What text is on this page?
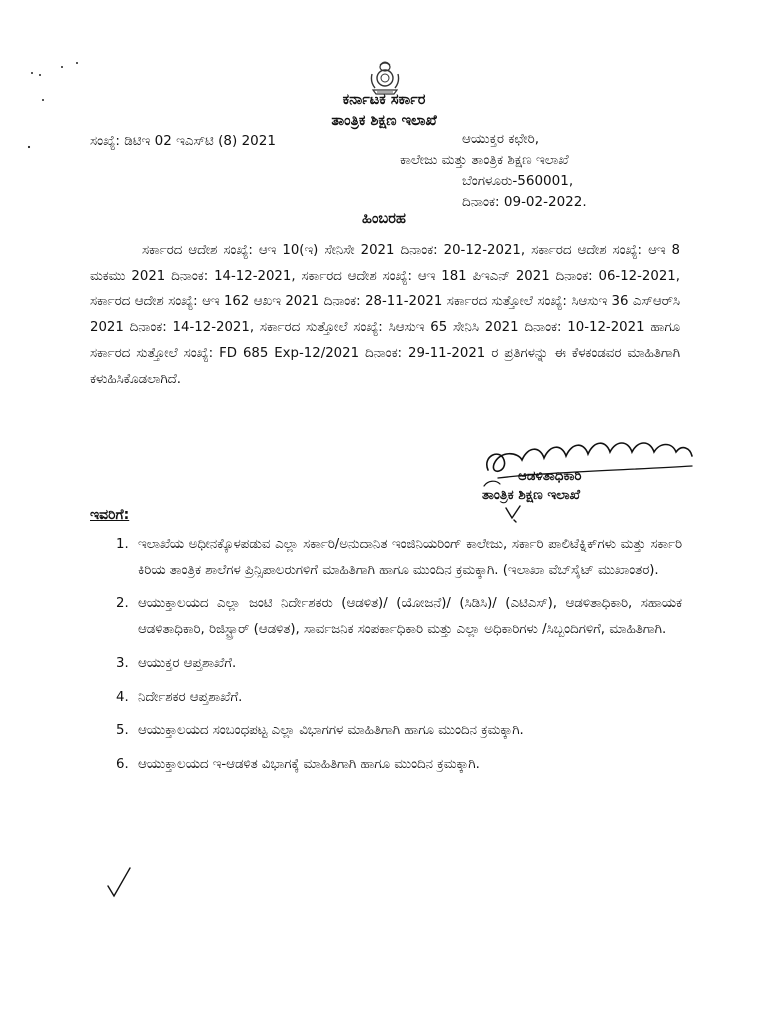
ಕರ್ನಾಟಕ ಸರ್ಕಾರ
ತಾಂತ್ರಿಕ ಶಿಕ್ಷಣ ಇಲಾಖೆ
ಸಂಖ್ಯೆ: ಡಿಟಿಇ 02 ಇಎಸ್‌ಟಿ (8) 2021	ಆಯುಕ್ತರ ಕಛೇರಿ,
ಕಾಲೇಜು ಮತ್ತು ತಾಂತ್ರಿಕ ಶಿಕ್ಷಣ ಇಲಾಖೆ
ಬೆಂಗಳೂರು-560001,
ದಿನಾಂಕ: 09-02-2022.
ಹಿಂಬರಹ

ಸರ್ಕಾರದ ಆದೇಶ ಸಂಖ್ಯೆ: ಆಇ 10(ಇ) ಸೇನಿಸೇ 2021 ದಿನಾಂಕ: 20-12-2021, ಸರ್ಕಾರದ ಆದೇಶ ಸಂಖ್ಯೆ: ಆಇ 8 ಮಕಮು 2021 ದಿನಾಂಕ: 14-12-2021, ಸರ್ಕಾರದ ಆದೇಶ ಸಂಖ್ಯೆ: ಆಇ 181 ಪಿಇಎನ್ 2021 ದಿನಾಂಕ: 06-12-2021, ಸರ್ಕಾರದ ಆದೇಶ ಸಂಖ್ಯೆ: ಆಇ 162 ಆಖಇ 2021 ದಿನಾಂಕ: 28-11-2021 ಸರ್ಕಾರದ ಸುತ್ತೋಲೆ ಸಂಖ್ಯೆ: ಸಿಆಸುಇ 36 ಎಸ್‌ಆರ್‌ಸಿ 2021 ದಿನಾಂಕ: 14-12-2021, ಸರ್ಕಾರದ ಸುತ್ತೋಲೆ ಸಂಖ್ಯೆ: ಸಿಆಸುಇ 65 ಸೇನಿಸಿ 2021 ದಿನಾಂಕ: 10-12-2021 ಹಾಗೂ ಸರ್ಕಾರದ ಸುತ್ತೋಲೆ ಸಂಖ್ಯೆ: FD 685 Exp-12/2021 ದಿನಾಂಕ: 29-11-2021 ರ ಪ್ರತಿಗಳನ್ನು ಈ ಕೆಳಕಂಡವರ ಮಾಹಿತಿಗಾಗಿ ಕಳುಹಿಸಿಕೊಡಲಾಗಿದೆ.

ಆಡಳಿತಾಧಿಕಾರಿ
ತಾಂತ್ರಿಕ ಶಿಕ್ಷಣ ಇಲಾಖೆ
ಇವರಿಗೆ:
1. ಇಲಾಖೆಯ ಅಧೀನಕ್ಕೊಳಪಡುವ ಎಲ್ಲಾ ಸರ್ಕಾರಿ/ಅನುದಾನಿತ ಇಂಜಿನಿಯರಿಂಗ್ ಕಾಲೇಜು, ಸರ್ಕಾರಿ ಪಾಲಿಟೆಕ್ನಿಕ್‌ಗಳು ಮತ್ತು ಸರ್ಕಾರಿ ಕಿರಿಯ ತಾಂತ್ರಿಕ ಶಾಲೆಗಳ ಪ್ರಿನ್ಸಿಪಾಲರುಗಳಿಗೆ ಮಾಹಿತಿಗಾಗಿ ಹಾಗೂ ಮುಂದಿನ ಕ್ರಮಕ್ಕಾಗಿ. (ಇಲಾಖಾ ವೆಬ್‌ಸೈಟ್ ಮುಖಾಂತರ).
2. ಆಯುಕ್ತಾಲಯದ ಎಲ್ಲಾ ಜಂಟಿ ನಿರ್ದೇಶಕರು (ಆಡಳಿತ)/ (ಯೋಜನೆ)/ (ಸಿಡಿಸಿ)/ (ಎಟಿಎಸ್), ಆಡಳಿತಾಧಿಕಾರಿ, ಸಹಾಯಕ ಆಡಳಿತಾಧಿಕಾರಿ, ರಿಜಿಸ್ಟ್ರಾರ್ (ಆಡಳಿತ), ಸಾರ್ವಜನಿಕ ಸಂಪರ್ಕಾಧಿಕಾರಿ ಮತ್ತು ಎಲ್ಲಾ ಅಧಿಕಾರಿಗಳು /ಸಿಬ್ಬಂದಿಗಳಿಗೆ, ಮಾಹಿತಿಗಾಗಿ.
3. ಆಯುಕ್ತರ ಆಪ್ತಶಾಖೆಗೆ.
4. ನಿರ್ದೇಶಕರ ಆಪ್ತಶಾಖೆಗೆ.
5. ಆಯುಕ್ತಾಲಯದ ಸಂಬಂಧಪಟ್ಟ ಎಲ್ಲಾ ವಿಭಾಗಗಳ ಮಾಹಿತಿಗಾಗಿ ಹಾಗೂ ಮುಂದಿನ ಕ್ರಮಕ್ಕಾಗಿ.
6. ಆಯುಕ್ತಾಲಯದ ಇ-ಆಡಳಿತ ವಿಭಾಗಕ್ಕೆ ಮಾಹಿತಿಗಾಗಿ ಹಾಗೂ ಮುಂದಿನ ಕ್ರಮಕ್ಕಾಗಿ.
